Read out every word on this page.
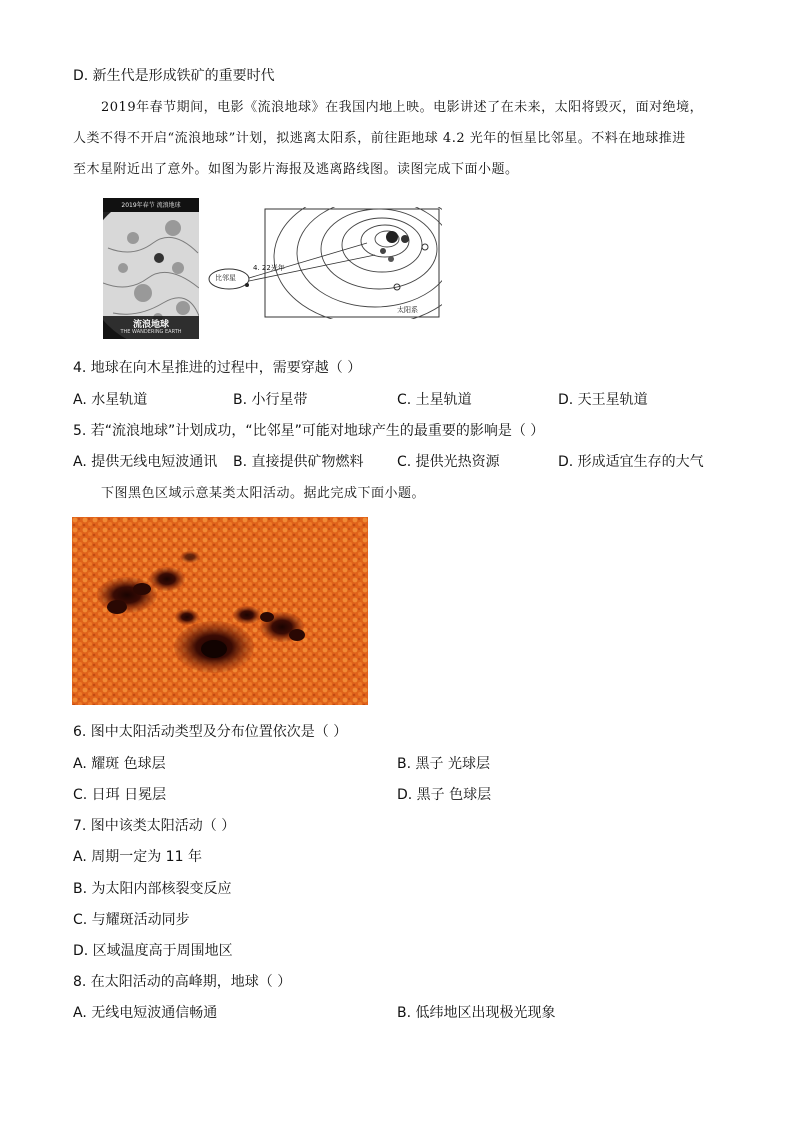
D. 新生代是形成铁矿的重要时代
2019年春节期间，电影《流浪地球》在我国内地上映。电影讲述了在未来，太阳将毁灭，面对绝境，
人类不得不开启“流浪地球”计划，拟逃离太阳系，前往距地球 4.2 光年的恒星比邻星。不料在地球推进
至木星附近出了意外。如图为影片海报及逃离路线图。读图完成下面小题。
2019年春节 流浪地球
流浪地球
THE WANDERING EARTH
比邻星
4. 22光年
太阳系
4. 地球在向木星推进的过程中，需要穿越（ ）
A. 水星轨道	B. 小行星带	C. 土星轨道	D. 天王星轨道
5. 若“流浪地球”计划成功，“比邻星”可能对地球产生的最重要的影响是（ ）
A. 提供无线电短波通讯 B. 直接提供矿物燃料 C. 提供光热资源	D. 形成适宜生存的大气
下图黑色区域示意某类太阳活动。据此完成下面小题。
6. 图中太阳活动类型及分布位置依次是（ ）
A. 耀斑 色球层	B. 黑子 光球层
C. 日珥 日冕层	D. 黑子 色球层
7. 图中该类太阳活动（ ）
A. 周期一定为 11 年
B. 为太阳内部核裂变反应
C. 与耀斑活动同步
D. 区域温度高于周围地区
8. 在太阳活动的高峰期，地球（ ）
A. 无线电短波通信畅通	B. 低纬地区出现极光现象
